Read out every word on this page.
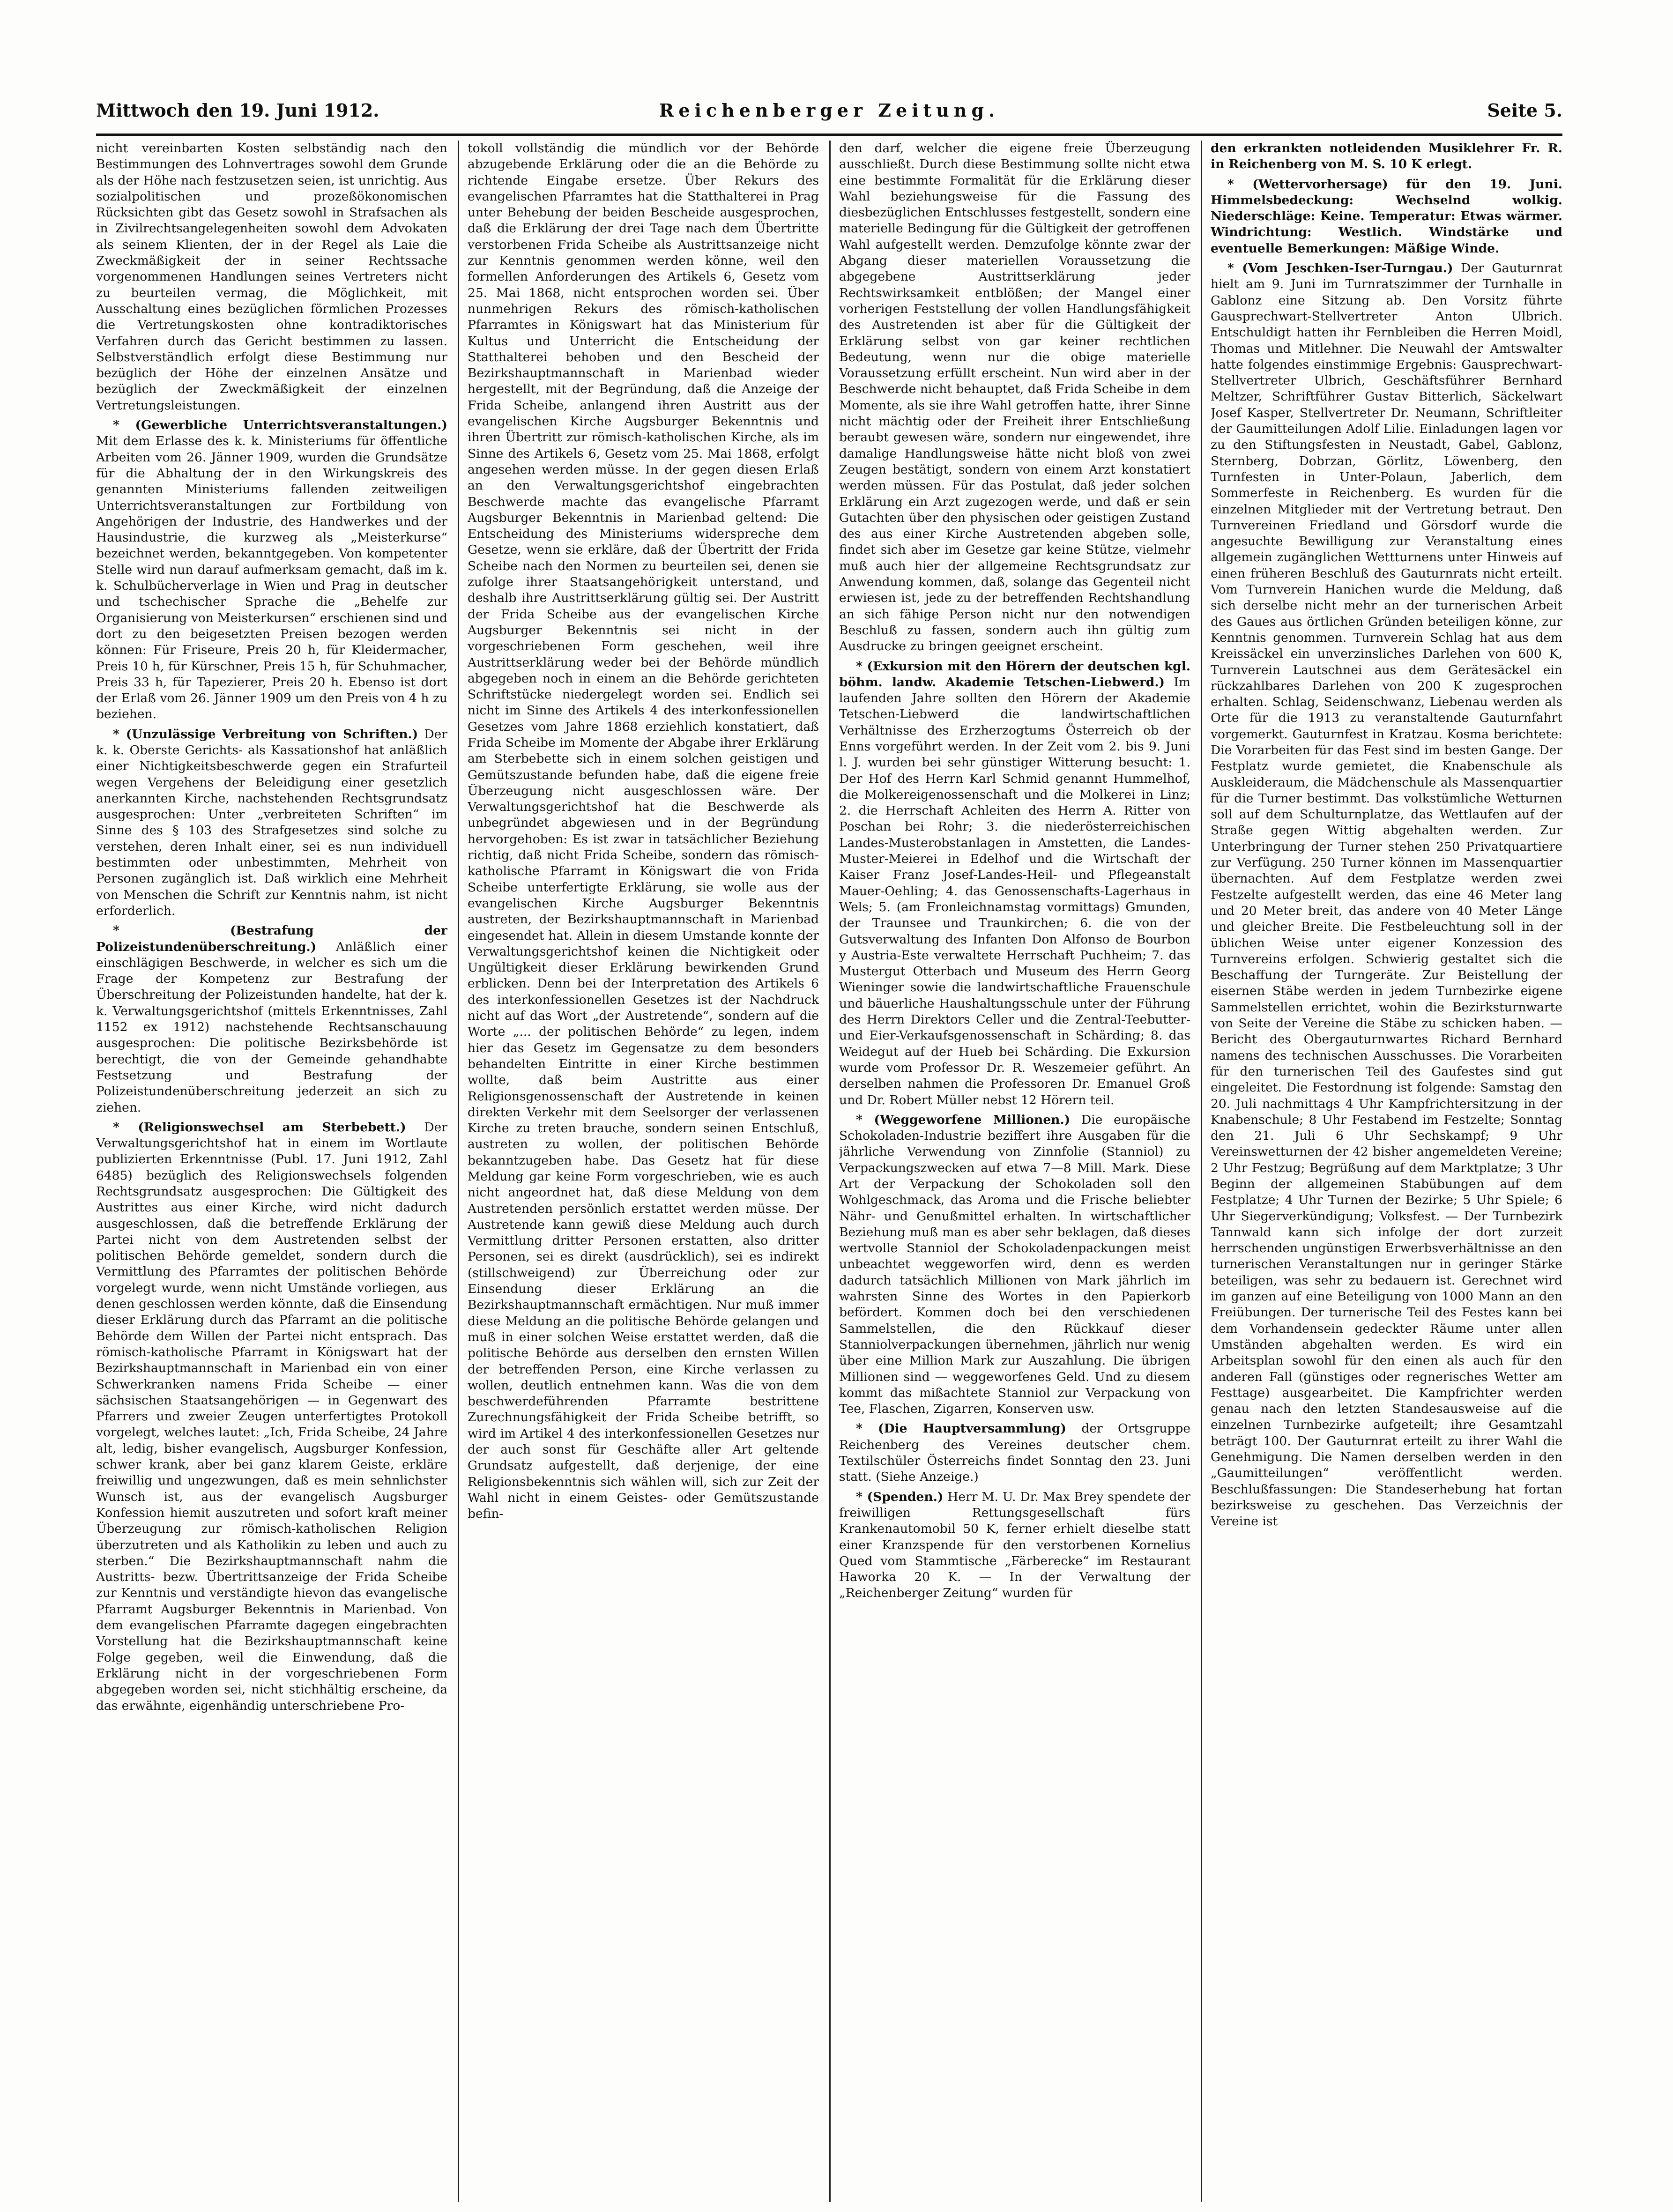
Mittwoch den 19. Juni 1912.	Reichenberger Zeitung.	Seite 5.

nicht vereinbarten Kosten selbständig nach den Bestimmungen des Lohnvertrages sowohl dem Grunde als der Höhe nach festzusetzen seien, ist unrichtig. Aus sozialpolitischen und prozeßökonomischen Rücksichten gibt das Gesetz sowohl in Strafsachen als in Zivilrechtsangelegenheiten sowohl dem Advokaten als seinem Klienten, der in der Regel als Laie die Zweckmäßigkeit der in seiner Rechtssache vorgenommenen Handlungen seines Vertreters nicht zu beurteilen vermag, die Möglichkeit, mit Ausschaltung eines bezüglichen förmlichen Prozesses die Vertretungskosten ohne kontradiktorisches Verfahren durch das Gericht bestimmen zu lassen. Selbstverständlich erfolgt diese Bestimmung nur bezüglich der Höhe der einzelnen Ansätze und bezüglich der Zweckmäßigkeit der einzelnen Vertretungsleistungen.

* (Gewerbliche Unterrichtsveranstaltungen.) Mit dem Erlasse des k. k. Ministeriums für öffentliche Arbeiten vom 26. Jänner 1909, wurden die Grundsätze für die Abhaltung der in den Wirkungskreis des genannten Ministeriums fallenden zeitweiligen Unterrichtsveranstaltungen zur Fortbildung von Angehörigen der Industrie, des Handwerkes und der Hausindustrie, die kurzweg als „Meisterkurse“ bezeichnet werden, bekanntgegeben. Von kompetenter Stelle wird nun darauf aufmerksam gemacht, daß im k. k. Schulbücherverlage in Wien und Prag in deutscher und tschechischer Sprache die „Behelfe zur Organisierung von Meisterkursen“ erschienen sind und dort zu den beigesetzten Preisen bezogen werden können: Für Friseure, Preis 20 h, für Kleidermacher, Preis 10 h, für Kürschner, Preis 15 h, für Schuhmacher, Preis 33 h, für Tapezierer, Preis 20 h. Ebenso ist dort der Erlaß vom 26. Jänner 1909 um den Preis von 4 h zu beziehen.

* (Unzulässige Verbreitung von Schriften.) Der k. k. Oberste Gerichts- als Kassationshof hat anläßlich einer Nichtigkeitsbeschwerde gegen ein Strafurteil wegen Vergehens der Beleidigung einer gesetzlich anerkannten Kirche, nachstehenden Rechtsgrundsatz ausgesprochen: Unter „verbreiteten Schriften“ im Sinne des § 103 des Strafgesetzes sind solche zu verstehen, deren Inhalt einer, sei es nun individuell bestimmten oder unbestimmten, Mehrheit von Personen zugänglich ist. Daß wirklich eine Mehrheit von Menschen die Schrift zur Kenntnis nahm, ist nicht erforderlich.

* (Bestrafung der Polizeistundenüberschreitung.) Anläßlich einer einschlägigen Beschwerde, in welcher es sich um die Frage der Kompetenz zur Bestrafung der Überschreitung der Polizeistunden handelte, hat der k. k. Verwaltungsgerichtshof (mittels Erkenntnisses, Zahl 1152 ex 1912) nachstehende Rechtsanschauung ausgesprochen: Die politische Bezirksbehörde ist berechtigt, die von der Gemeinde gehandhabte Festsetzung und Bestrafung der Polizeistundenüberschreitung jederzeit an sich zu ziehen.

* (Religionswechsel am Sterbebett.) Der Verwaltungsgerichtshof hat in einem im Wortlaute publizierten Erkenntnisse (Publ. 17. Juni 1912, Zahl 6485) bezüglich des Religionswechsels folgenden Rechtsgrundsatz ausgesprochen: Die Gültigkeit des Austrittes aus einer Kirche, wird nicht dadurch ausgeschlossen, daß die betreffende Erklärung der Partei nicht von dem Austretenden selbst der politischen Behörde gemeldet, sondern durch die Vermittlung des Pfarramtes der politischen Behörde vorgelegt wurde, wenn nicht Umstände vorliegen, aus denen geschlossen werden könnte, daß die Einsendung dieser Erklärung durch das Pfarramt an die politische Behörde dem Willen der Partei nicht entsprach. Das römisch-katholische Pfarramt in Königswart hat der Bezirkshauptmannschaft in Marienbad ein von einer Schwerkranken namens Frida Scheibe — einer sächsischen Staatsangehörigen — in Gegenwart des Pfarrers und zweier Zeugen unterfertigtes Protokoll vorgelegt, welches lautet: „Ich, Frida Scheibe, 24 Jahre alt, ledig, bisher evangelisch, Augsburger Konfession, schwer krank, aber bei ganz klarem Geiste, erkläre freiwillig und ungezwungen, daß es mein sehnlichster Wunsch ist, aus der evangelisch Augsburger Konfession hiemit auszutreten und sofort kraft meiner Überzeugung zur römisch-katholischen Religion überzutreten und als Katholikin zu leben und auch zu sterben.“ Die Bezirkshauptmannschaft nahm die Austritts- bezw. Übertrittsanzeige der Frida Scheibe zur Kenntnis und verständigte hievon das evangelische Pfarramt Augsburger Bekenntnis in Marienbad. Von dem evangelischen Pfarramte dagegen eingebrachten Vorstellung hat die Bezirkshauptmannschaft keine Folge gegeben, weil die Einwendung, daß die Erklärung nicht in der vorgeschriebenen Form abgegeben worden sei, nicht stichhältig erscheine, da das erwähnte, eigenhändig unterschriebene Pro-

tokoll vollständig die mündlich vor der Behörde abzugebende Erklärung oder die an die Behörde zu richtende Eingabe ersetze. Über Rekurs des evangelischen Pfarramtes hat die Statthalterei in Prag unter Behebung der beiden Bescheide ausgesprochen, daß die Erklärung der drei Tage nach dem Übertritte verstorbenen Frida Scheibe als Austrittsanzeige nicht zur Kenntnis genommen werden könne, weil den formellen Anforderungen des Artikels 6, Gesetz vom 25. Mai 1868, nicht entsprochen worden sei. Über nunmehrigen Rekurs des römisch-katholischen Pfarramtes in Königswart hat das Ministerium für Kultus und Unterricht die Entscheidung der Statthalterei behoben und den Bescheid der Bezirkshauptmannschaft in Marienbad wieder hergestellt, mit der Begründung, daß die Anzeige der Frida Scheibe, anlangend ihren Austritt aus der evangelischen Kirche Augsburger Bekenntnis und ihren Übertritt zur römisch-katholischen Kirche, als im Sinne des Artikels 6, Gesetz vom 25. Mai 1868, erfolgt angesehen werden müsse. In der gegen diesen Erlaß an den Verwaltungsgerichtshof eingebrachten Beschwerde machte das evangelische Pfarramt Augsburger Bekenntnis in Marienbad geltend: Die Entscheidung des Ministeriums widerspreche dem Gesetze, wenn sie erkläre, daß der Übertritt der Frida Scheibe nach den Normen zu beurteilen sei, denen sie zufolge ihrer Staatsangehörigkeit unterstand, und deshalb ihre Austrittserklärung gültig sei. Der Austritt der Frida Scheibe aus der evangelischen Kirche Augsburger Bekenntnis sei nicht in der vorgeschriebenen Form geschehen, weil ihre Austrittserklärung weder bei der Behörde mündlich abgegeben noch in einem an die Behörde gerichteten Schriftstücke niedergelegt worden sei. Endlich sei nicht im Sinne des Artikels 4 des interkonfessionellen Gesetzes vom Jahre 1868 erziehlich konstatiert, daß Frida Scheibe im Momente der Abgabe ihrer Erklärung am Sterbebette sich in einem solchen geistigen und Gemütszustande befunden habe, daß die eigene freie Überzeugung nicht ausgeschlossen wäre. Der Verwaltungsgerichtshof hat die Beschwerde als unbegründet abgewiesen und in der Begründung hervorgehoben: Es ist zwar in tatsächlicher Beziehung richtig, daß nicht Frida Scheibe, sondern das römisch-katholische Pfarramt in Königswart die von Frida Scheibe unterfertigte Erklärung, sie wolle aus der evangelischen Kirche Augsburger Bekenntnis austreten, der Bezirkshauptmannschaft in Marienbad eingesendet hat. Allein in diesem Umstande konnte der Verwaltungsgerichtshof keinen die Nichtigkeit oder Ungültigkeit dieser Erklärung bewirkenden Grund erblicken. Denn bei der Interpretation des Artikels 6 des interkonfessionellen Gesetzes ist der Nachdruck nicht auf das Wort „der Austretende“, sondern auf die Worte „... der politischen Behörde“ zu legen, indem hier das Gesetz im Gegensatze zu dem besonders behandelten Eintritte in einer Kirche bestimmen wollte, daß beim Austritte aus einer Religionsgenossenschaft der Austretende in keinen direkten Verkehr mit dem Seelsorger der verlassenen Kirche zu treten brauche, sondern seinen Entschluß, austreten zu wollen, der politischen Behörde bekanntzugeben habe. Das Gesetz hat für diese Meldung gar keine Form vorgeschrieben, wie es auch nicht angeordnet hat, daß diese Meldung von dem Austretenden persönlich erstattet werden müsse. Der Austretende kann gewiß diese Meldung auch durch Vermittlung dritter Personen erstatten, also dritter Personen, sei es direkt (ausdrücklich), sei es indirekt (stillschweigend) zur Überreichung oder zur Einsendung dieser Erklärung an die Bezirkshauptmannschaft ermächtigen. Nur muß immer diese Meldung an die politische Behörde gelangen und muß in einer solchen Weise erstattet werden, daß die politische Behörde aus derselben den ernsten Willen der betreffenden Person, eine Kirche verlassen zu wollen, deutlich entnehmen kann. Was die von dem beschwerdeführenden Pfarramte bestrittene Zurechnungsfähigkeit der Frida Scheibe betrifft, so wird im Artikel 4 des interkonfessionellen Gesetzes nur der auch sonst für Geschäfte aller Art geltende Grundsatz aufgestellt, daß derjenige, der eine Religionsbekenntnis sich wählen will, sich zur Zeit der Wahl nicht in einem Geistes- oder Gemütszustande befin-

den darf, welcher die eigene freie Überzeugung ausschließt. Durch diese Bestimmung sollte nicht etwa eine bestimmte Formalität für die Erklärung dieser Wahl beziehungsweise für die Fassung des diesbezüglichen Entschlusses festgestellt, sondern eine materielle Bedingung für die Gültigkeit der getroffenen Wahl aufgestellt werden. Demzufolge könnte zwar der Abgang dieser materiellen Voraussetzung die abgegebene Austrittserklärung jeder Rechtswirksamkeit entblößen; der Mangel einer vorherigen Feststellung der vollen Handlungsfähigkeit des Austretenden ist aber für die Gültigkeit der Erklärung selbst von gar keiner rechtlichen Bedeutung, wenn nur die obige materielle Voraussetzung erfüllt erscheint. Nun wird aber in der Beschwerde nicht behauptet, daß Frida Scheibe in dem Momente, als sie ihre Wahl getroffen hatte, ihrer Sinne nicht mächtig oder der Freiheit ihrer Entschließung beraubt gewesen wäre, sondern nur eingewendet, ihre damalige Handlungsweise hätte nicht bloß von zwei Zeugen bestätigt, sondern von einem Arzt konstatiert werden müssen. Für das Postulat, daß jeder solchen Erklärung ein Arzt zugezogen werde, und daß er sein Gutachten über den physischen oder geistigen Zustand des aus einer Kirche Austretenden abgeben solle, findet sich aber im Gesetze gar keine Stütze, vielmehr muß auch hier der allgemeine Rechtsgrundsatz zur Anwendung kommen, daß, solange das Gegenteil nicht erwiesen ist, jede zu der betreffenden Rechtshandlung an sich fähige Person nicht nur den notwendigen Beschluß zu fassen, sondern auch ihn gültig zum Ausdrucke zu bringen geeignet erscheint.

* (Exkursion mit den Hörern der deutschen kgl. böhm. landw. Akademie Tetschen-Liebwerd.) Im laufenden Jahre sollten den Hörern der Akademie Tetschen-Liebwerd die landwirtschaftlichen Verhältnisse des Erzherzogtums Österreich ob der Enns vorgeführt werden. In der Zeit vom 2. bis 9. Juni l. J. wurden bei sehr günstiger Witterung besucht: 1. Der Hof des Herrn Karl Schmid genannt Hummelhof, die Molkereigenossenschaft und die Molkerei in Linz; 2. die Herrschaft Achleiten des Herrn A. Ritter von Poschan bei Rohr; 3. die niederösterreichischen Landes-Musterobstanlagen in Amstetten, die Landes-Muster-Meierei in Edelhof und die Wirtschaft der Kaiser Franz Josef-Landes-Heil- und Pflegeanstalt Mauer-Oehling; 4. das Genossenschafts-Lagerhaus in Wels; 5. (am Fronleichnamstag vormittags) Gmunden, der Traunsee und Traunkirchen; 6. die von der Gutsverwaltung des Infanten Don Alfonso de Bourbon y Austria-Este verwaltete Herrschaft Puchheim; 7. das Mustergut Otterbach und Museum des Herrn Georg Wieninger sowie die landwirtschaftliche Frauenschule und bäuerliche Haushaltungsschule unter der Führung des Herrn Direktors Celler und die Zentral-Teebutter- und Eier-Verkaufsgenossenschaft in Schärding; 8. das Weidegut auf der Hueb bei Schärding. Die Exkursion wurde vom Professor Dr. R. Weszemeier geführt. An derselben nahmen die Professoren Dr. Emanuel Groß und Dr. Robert Müller nebst 12 Hörern teil.

* (Weggeworfene Millionen.) Die europäische Schokoladen-Industrie beziffert ihre Ausgaben für die jährliche Verwendung von Zinnfolie (Stanniol) zu Verpackungszwecken auf etwa 7—8 Mill. Mark. Diese Art der Verpackung der Schokoladen soll den Wohlgeschmack, das Aroma und die Frische beliebter Nähr- und Genußmittel erhalten. In wirtschaftlicher Beziehung muß man es aber sehr beklagen, daß dieses wertvolle Stanniol der Schokoladenpackungen meist unbeachtet weggeworfen wird, denn es werden dadurch tatsächlich Millionen von Mark jährlich im wahrsten Sinne des Wortes in den Papierkorb befördert. Kommen doch bei den verschiedenen Sammelstellen, die den Rückkauf dieser Stanniolverpackungen übernehmen, jährlich nur wenig über eine Million Mark zur Auszahlung. Die übrigen Millionen sind — weggeworfenes Geld. Und zu diesem kommt das mißachtete Stanniol zur Verpackung von Tee, Flaschen, Zigarren, Konserven usw.

* (Die Hauptversammlung) der Ortsgruppe Reichenberg des Vereines deutscher chem. Textilschüler Österreichs findet Sonntag den 23. Juni statt. (Siehe Anzeige.)

* (Spenden.) Herr M. U. Dr. Max Brey spendete der freiwilligen Rettungsgesellschaft fürs Krankenautomobil 50 K, ferner erhielt dieselbe statt einer Kranzspende für den verstorbenen Kornelius Qued vom Stammtische „Färberecke“ im Restaurant Haworka 20 K. — In der Verwaltung der „Reichenberger Zeitung“ wurden für

den erkrankten notleidenden Musiklehrer Fr. R. in Reichenberg von M. S. 10 K erlegt.

* (Wettervorhersage) für den 19. Juni. Himmelsbedeckung: Wechselnd wolkig. Niederschläge: Keine. Temperatur: Etwas wärmer. Windrichtung: Westlich. Windstärke und eventuelle Bemerkungen: Mäßige Winde.

* (Vom Jeschken-Iser-Turngau.) Der Gauturnrat hielt am 9. Juni im Turnratszimmer der Turnhalle in Gablonz eine Sitzung ab. Den Vorsitz führte Gausprechwart-Stellvertreter Anton Ulbrich. Entschuldigt hatten ihr Fernbleiben die Herren Moidl, Thomas und Mitlehner. Die Neuwahl der Amtswalter hatte folgendes einstimmige Ergebnis: Gausprechwart-Stellvertreter Ulbrich, Geschäftsführer Bernhard Meltzer, Schriftführer Gustav Bitterlich, Säckelwart Josef Kasper, Stellvertreter Dr. Neumann, Schriftleiter der Gaumitteilungen Adolf Lilie. Einladungen lagen vor zu den Stiftungsfesten in Neustadt, Gabel, Gablonz, Sternberg, Dobrzan, Görlitz, Löwenberg, den Turnfesten in Unter-Polaun, Jaberlich, dem Sommerfeste in Reichenberg. Es wurden für die einzelnen Mitglieder mit der Vertretung betraut. Den Turnvereinen Friedland und Görsdorf wurde die angesuchte Bewilligung zur Veranstaltung eines allgemein zugänglichen Wettturnens unter Hinweis auf einen früheren Beschluß des Gauturnrats nicht erteilt. Vom Turnverein Hanichen wurde die Meldung, daß sich derselbe nicht mehr an der turnerischen Arbeit des Gaues aus örtlichen Gründen beteiligen könne, zur Kenntnis genommen. Turnverein Schlag hat aus dem Kreissäckel ein unverzinsliches Darlehen von 600 K, Turnverein Lautschnei aus dem Gerätesäckel ein rückzahlbares Darlehen von 200 K zugesprochen erhalten. Schlag, Seidenschwanz, Liebenau werden als Orte für die 1913 zu veranstaltende Gauturnfahrt vorgemerkt. Gauturnfest in Kratzau. Kosma berichtete: Die Vorarbeiten für das Fest sind im besten Gange. Der Festplatz wurde gemietet, die Knabenschule als Auskleideraum, die Mädchenschule als Massenquartier für die Turner bestimmt. Das volkstümliche Wetturnen soll auf dem Schulturnplatze, das Wettlaufen auf der Straße gegen Wittig abgehalten werden. Zur Unterbringung der Turner stehen 250 Privatquartiere zur Verfügung. 250 Turner können im Massenquartier übernachten. Auf dem Festplatze werden zwei Festzelte aufgestellt werden, das eine 46 Meter lang und 20 Meter breit, das andere von 40 Meter Länge und gleicher Breite. Die Festbeleuchtung soll in der üblichen Weise unter eigener Konzession des Turnvereins erfolgen. Schwierig gestaltet sich die Beschaffung der Turngeräte. Zur Beistellung der eisernen Stäbe werden in jedem Turnbezirke eigene Sammelstellen errichtet, wohin die Bezirksturnwarte von Seite der Vereine die Stäbe zu schicken haben. — Bericht des Obergauturnwartes Richard Bernhard namens des technischen Ausschusses. Die Vorarbeiten für den turnerischen Teil des Gaufestes sind gut eingeleitet. Die Festordnung ist folgende: Samstag den 20. Juli nachmittags 4 Uhr Kampfrichtersitzung in der Knabenschule; 8 Uhr Festabend im Festzelte; Sonntag den 21. Juli 6 Uhr Sechskampf; 9 Uhr Vereinswetturnen der 42 bisher angemeldeten Vereine; 2 Uhr Festzug; Begrüßung auf dem Marktplatze; 3 Uhr Beginn der allgemeinen Stabübungen auf dem Festplatze; 4 Uhr Turnen der Bezirke; 5 Uhr Spiele; 6 Uhr Siegerverkündigung; Volksfest. — Der Turnbezirk Tannwald kann sich infolge der dort zurzeit herrschenden ungünstigen Erwerbsverhältnisse an den turnerischen Veranstaltungen nur in geringer Stärke beteiligen, was sehr zu bedauern ist. Gerechnet wird im ganzen auf eine Beteiligung von 1000 Mann an den Freiübungen. Der turnerische Teil des Festes kann bei dem Vorhandensein gedeckter Räume unter allen Umständen abgehalten werden. Es wird ein Arbeitsplan sowohl für den einen als auch für den anderen Fall (günstiges oder regnerisches Wetter am Festtage) ausgearbeitet. Die Kampfrichter werden genau nach den letzten Standesausweise auf die einzelnen Turnbezirke aufgeteilt; ihre Gesamtzahl beträgt 100. Der Gauturnrat erteilt zu ihrer Wahl die Genehmigung. Die Namen derselben werden in den „Gaumitteilungen“ veröffentlicht werden. Beschlußfassungen: Die Standeserhebung hat fortan bezirksweise zu geschehen. Das Verzeichnis der Vereine ist
